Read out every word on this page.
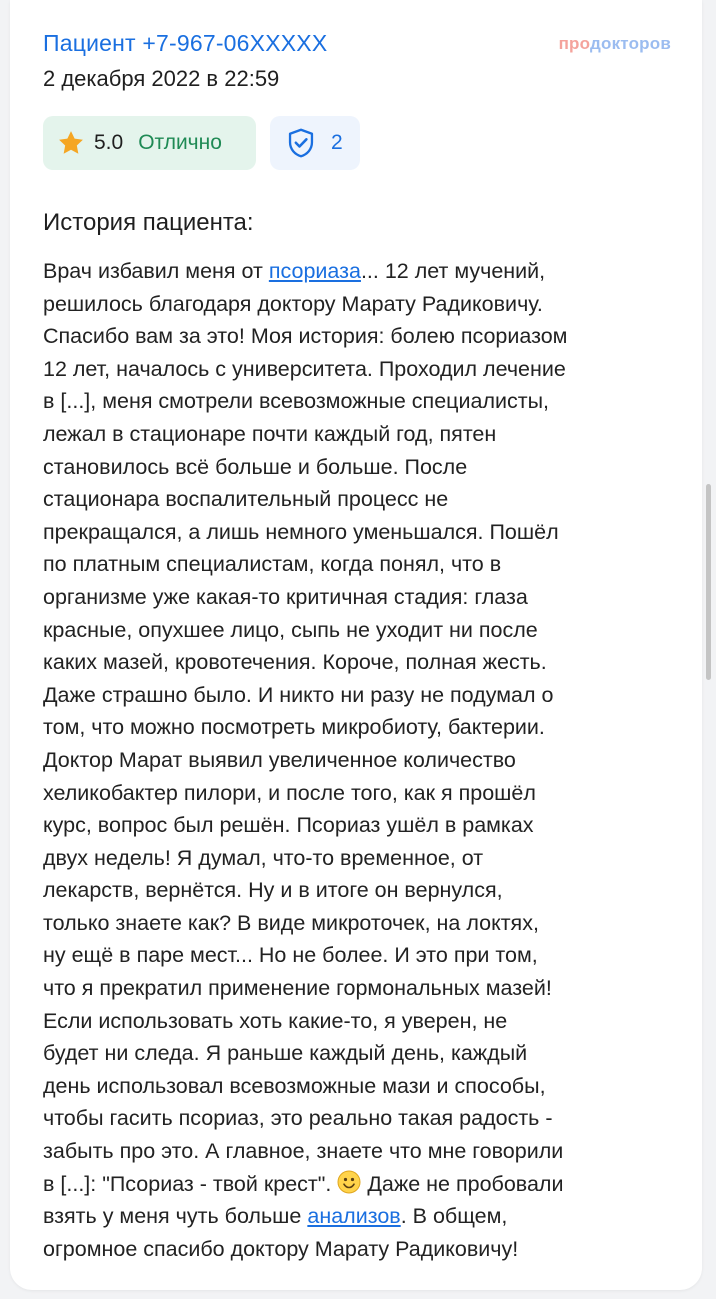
Пациент +7-967-06XXXXX
2 декабря 2022 в 22:59
продокторов
5.0 Отлично	2
История пациента:
Врач избавил меня от псориаза... 12 лет мучений,
решилось благодаря доктору Марату Радиковичу.
Спасибо вам за это! Моя история: болею псориазом
12 лет, началось с университета. Проходил лечение
в [...], меня смотрели всевозможные специалисты,
лежал в стационаре почти каждый год, пятен
становилось всё больше и больше. После
стационара воспалительный процесс не
прекращался, а лишь немного уменьшался. Пошёл
по платным специалистам, когда понял, что в
организме уже какая-то критичная стадия: глаза
красные, опухшее лицо, сыпь не уходит ни после
каких мазей, кровотечения. Короче, полная жесть.
Даже страшно было. И никто ни разу не подумал о
том, что можно посмотреть микробиоту, бактерии.
Доктор Марат выявил увеличенное количество
хеликобактер пилори, и после того, как я прошёл
курс, вопрос был решён. Псориаз ушёл в рамках
двух недель! Я думал, что-то временное, от
лекарств, вернётся. Ну и в итоге он вернулся,
только знаете как? В виде микроточек, на локтях,
ну ещё в паре мест... Но не более. И это при том,
что я прекратил применение гормональных мазей!
Если использовать хоть какие-то, я уверен, не
будет ни следа. Я раньше каждый день, каждый
день использовал всевозможные мази и способы,
чтобы гасить псориаз, это реально такая радость -
забыть про это. А главное, знаете что мне говорили
в [...]: "Псориаз - твой крест".  Даже не пробовали
взять у меня чуть больше анализов. В общем,
огромное спасибо доктору Марату Радиковичу!
